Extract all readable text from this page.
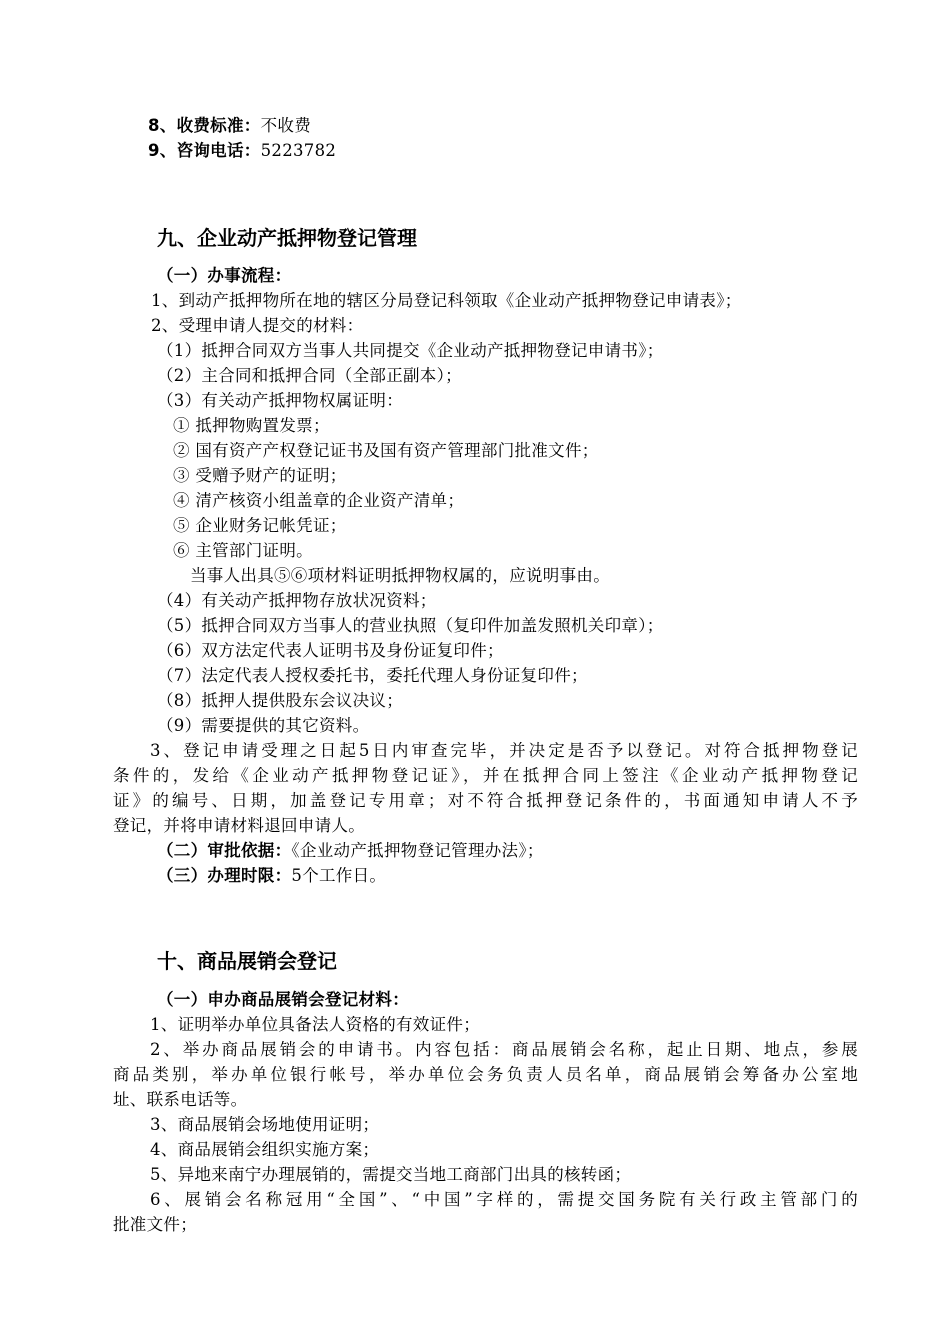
8、收费标准：不收费
9、咨询电话：5223782
九、企业动产抵押物登记管理
（一）办事流程：
1、到动产抵押物所在地的辖区分局登记科领取《企业动产抵押物登记申请表》；
2、受理申请人提交的材料：
（1）抵押合同双方当事人共同提交《企业动产抵押物登记申请书》；
（2）主合同和抵押合同（全部正副本）；
（3）有关动产抵押物权属证明：
① 抵押物购置发票；
② 国有资产产权登记证书及国有资产管理部门批准文件；
③ 受赠予财产的证明；
④ 清产核资小组盖章的企业资产清单；
⑤ 企业财务记帐凭证；
⑥ 主管部门证明。
当事人出具⑤⑥项材料证明抵押物权属的，应说明事由。
（4）有关动产抵押物存放状况资料；
（5）抵押合同双方当事人的营业执照（复印件加盖发照机关印章）；
（6）双方法定代表人证明书及身份证复印件；
（7）法定代表人授权委托书，委托代理人身份证复印件；
（8）抵押人提供股东会议决议；
（9）需要提供的其它资料。
3、登记申请受理之日起5日内审查完毕，并决定是否予以登记。对符合抵押物登记
条件的，发给《企业动产抵押物登记证》，并在抵押合同上签注《企业动产抵押物登记
证》的编号、日期，加盖登记专用章；对不符合抵押登记条件的，书面通知申请人不予
登记，并将申请材料退回申请人。
（二）审批依据：《企业动产抵押物登记管理办法》；
（三）办理时限：5个工作日。
十、商品展销会登记
（一）申办商品展销会登记材料：
1、证明举办单位具备法人资格的有效证件；
2、举办商品展销会的申请书。内容包括：商品展销会名称，起止日期、地点，参展
商品类别，举办单位银行帐号，举办单位会务负责人员名单，商品展销会筹备办公室地
址、联系电话等。
3、商品展销会场地使用证明；
4、商品展销会组织实施方案；
5、异地来南宁办理展销的，需提交当地工商部门出具的核转函；
6、展销会名称冠用“全国”、“中国”字样的，需提交国务院有关行政主管部门的
批准文件；
